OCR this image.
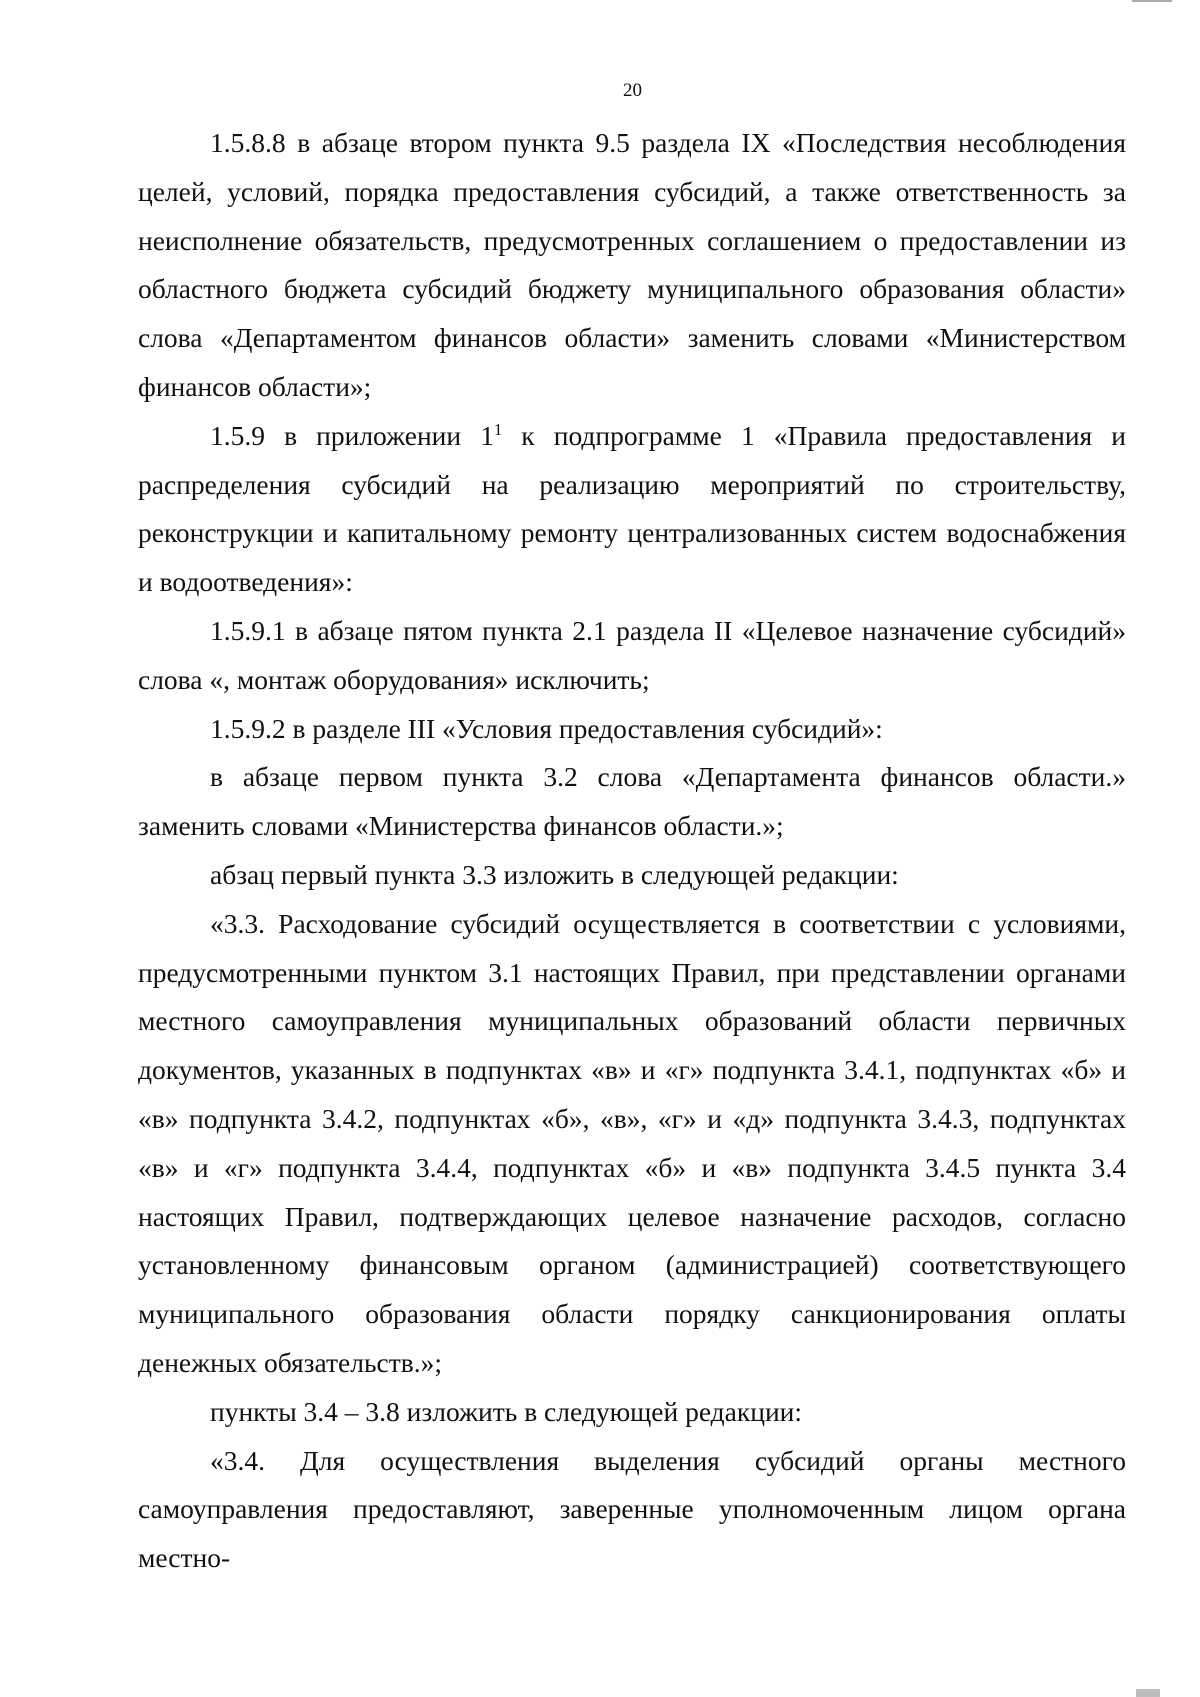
20

1.5.8.8 в абзаце втором пункта 9.5 раздела IX «Последствия несоблюдения целей, условий, порядка предоставления субсидий, а также ответственность за неисполнение обязательств, предусмотренных соглашением о предоставлении из областного бюджета субсидий бюджету муниципального образования области» слова «Департаментом финансов области» заменить словами «Министерством финансов области»;

1.5.9 в приложении $1^1$ к подпрограмме 1 «Правила предоставления и распределения субсидий на реализацию мероприятий по строительству, реконструкции и капитальному ремонту централизованных систем водоснабжения и водоотведения»:

1.5.9.1 в абзаце пятом пункта 2.1 раздела II «Целевое назначение субсидий» слова «, монтаж оборудования» исключить;

1.5.9.2 в разделе III «Условия предоставления субсидий»:

в абзаце первом пункта 3.2 слова «Департамента финансов области.» заменить словами «Министерства финансов области.»;

абзац первый пункта 3.3 изложить в следующей редакции:

«3.3. Расходование субсидий осуществляется в соответствии с условиями, предусмотренными пунктом 3.1 настоящих Правил, при представлении органами местного самоуправления муниципальных образований области первичных документов, указанных в подпунктах «в» и «г» подпункта 3.4.1, подпунктах «б» и «в» подпункта 3.4.2, подпунктах «б», «в», «г» и «д» подпункта 3.4.3, подпунктах «в» и «г» подпункта 3.4.4, подпунктах «б» и «в» подпункта 3.4.5 пункта 3.4 настоящих Правил, подтверждающих целевое назначение расходов, согласно установленному финансовым органом (администрацией) соответствующего муниципального образования области порядку санкционирования оплаты денежных обязательств.»;

пункты 3.4 – 3.8 изложить в следующей редакции:

«3.4. Для осуществления выделения субсидий органы местного самоуправления предоставляют, заверенные уполномоченным лицом органа местно-
